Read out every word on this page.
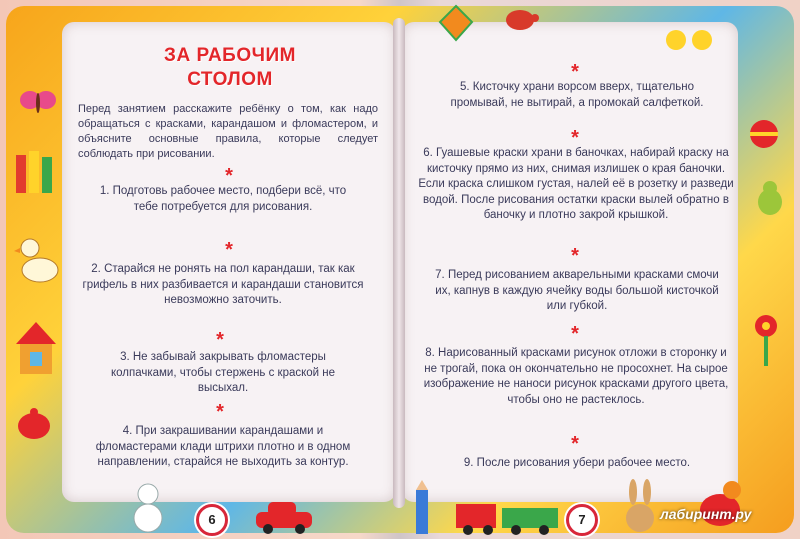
ЗА РАБОЧИМ
СТОЛОМ
Перед занятием расскажите ребёнку о том, как надо обращаться с красками, карандашом и фломастером, и объясните основные правила, которые следует соблюдать при рисовании.
*
1. Подготовь рабочее место, подбери всё, что тебе потребуется для рисования.
*
2. Старайся не ронять на пол карандаши, так как грифель в них разбивается и карандаши становится невозможно заточить.
*
3. Не забывай закрывать фломастеры колпачками, чтобы стержень с краской не высыхал.
*
4. При закрашивании карандашами и фломастерами клади штрихи плотно и в одном направлении, старайся не выходить за контур.
6
*
5. Кисточку храни ворсом вверх, тщательно промывай, не вытирай, а промокай салфеткой.
*
6. Гуашевые краски храни в баночках, набирай краску на кисточку прямо из них, снимая излишек о края баночки. Если краска слишком густая, налей её в розетку и разведи водой. После рисования остатки краски вылей обратно в баночку и плотно закрой крышкой.
*
7. Перед рисованием акварельными красками смочи их, капнув в каждую ячейку воды большой кисточкой или губкой.
*
8. Нарисованный красками рисунок отложи в сторонку и не трогай, пока он окончательно не просохнет. На сырое изображение не наноси рисунок красками другого цвета, чтобы оно не растеклось.
*
9. После рисования убери рабочее место.
7	лабиринт.ру
